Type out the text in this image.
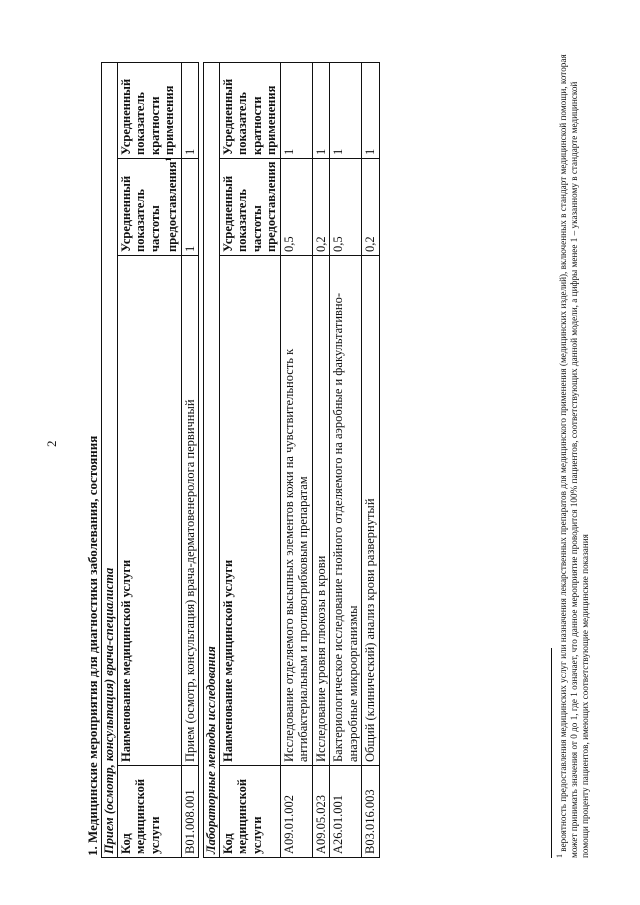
2 1. Медицинские мероприятия для диагностики заболевания, состояния Прием (осмотр, консультация) врача-специалиста			
Код медицинской услуги	Наименование медицинской услуги	Усредненный показатель частоты предоставления$^1$	Усредненный показатель кратности применения
B01.008.001	Прием (осмотр, консультация) врача-дерматовенеролога первичный	1	1
Лабораторные методы исследования			
Код медицинской услуги	Наименование медицинской услуги	Усредненный показатель частоты предоставления	Усредненный показатель кратности применения
A09.01.002	Исследование отделяемого высыпных элементов кожи на чувствительность к антибактериальным и противогрибковым препаратам	0,5	1
A09.05.023	Исследование уровня глюкозы в крови	0,2	1
A26.01.001	Бактериологическое исследование гнойного отделяемого на аэробные и факультативно-анаэробные микроорганизмы	0,5	1
B03.016.003	Общий (клинический) анализ крови развернутый	0,2	1
$^1$ вероятность предоставления медицинских услуг или назначения лекарственных препаратов для медицинского применения (медицинских изделий), включенных в стандарт медицинской помощи, которая может принимать значения от 0 до 1, где 1 означает, что данное мероприятие проводится 100% пациентов, соответствующих данной модели, а цифры менее 1 – указанному в стандарте медицинской помощи проценту пациентов, имеющих соответствующие медицинские показания
